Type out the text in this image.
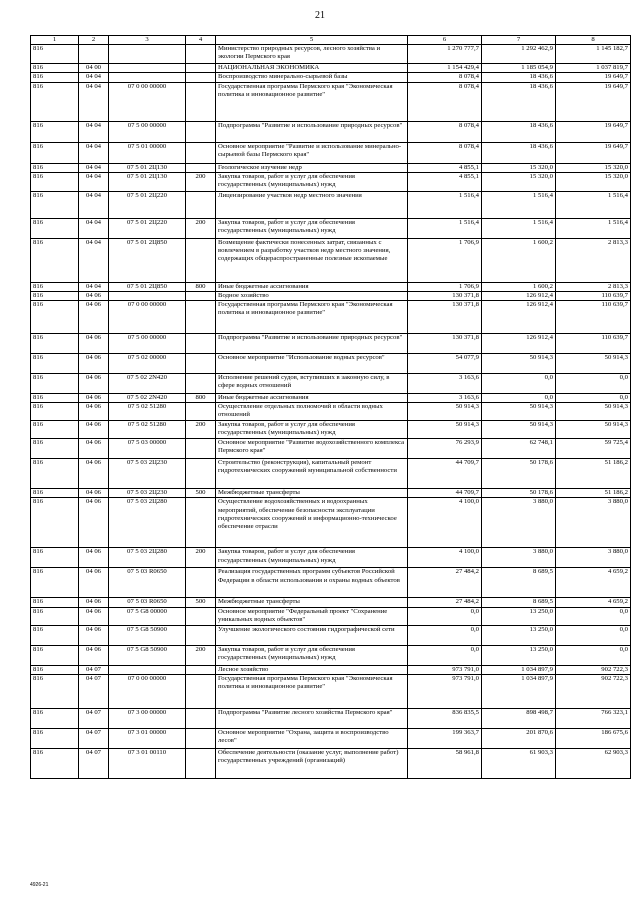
21
1	2	3	4	5	6	7	8
816				Министерство природных ресурсов, лесного хозяйства и экологии Пермского края	1 270 777,7	1 292 462,9	1 145 182,7
816	04 00			НАЦИОНАЛЬНАЯ ЭКОНОМИКА	1 154 429,4	1 185 054,9	1 037 819,7
816	04 04			Воспроизводство минерально-сырьевой базы	8 078,4	18 436,6	19 649,7
816	04 04	07 0 00 00000		Государственная программа Пермского края "Экономическая политика и инновационное развитие"	8 078,4	18 436,6	19 649,7
816	04 04	07 5 00 00000		Подпрограмма "Развитие и использование природных ресурсов"	8 078,4	18 436,6	19 649,7
816	04 04	07 5 01 00000		Основное мероприятие "Развитие и использование минерально-сырьевой базы Пермского края"	8 078,4	18 436,6	19 649,7
816	04 04	07 5 01 2Ц130		Геологическое изучение недр	4 855,1	15 320,0	15 320,0
816	04 04	07 5 01 2Ц130	200	Закупка товаров, работ и услуг для обеспечения государственных (муниципальных) нужд	4 855,1	15 320,0	15 320,0
816	04 04	07 5 01 2Ц220		Лицензирование участков недр местного значения	1 516,4	1 516,4	1 516,4
816	04 04	07 5 01 2Ц220	200	Закупка товаров, работ и услуг для обеспечения государственных (муниципальных) нужд	1 516,4	1 516,4	1 516,4
816	04 04	07 5 01 2Ц850		Возмещение фактически понесенных затрат, связанных с вовлечением в разработку участков недр местного значения, содержащих общераспространенные полезные ископаемые	1 706,9	1 600,2	2 813,3
816	04 04	07 5 01 2Ц850	800	Иные бюджетные ассигнования	1 706,9	1 600,2	2 813,3
816	04 06			Водное хозяйство	130 371,8	126 912,4	110 639,7
816	04 06	07 0 00 00000		Государственная программа Пермского края "Экономическая политика и инновационное развитие"	130 371,8	126 912,4	110 639,7
816	04 06	07 5 00 00000		Подпрограмма "Развитие и использование природных ресурсов"	130 371,8	126 912,4	110 639,7
816	04 06	07 5 02 00000		Основное мероприятие "Использование водных ресурсов"	54 077,9	50 914,3	50 914,3
816	04 06	07 5 02 2N420		Исполнение решений судов, вступивших в законную силу, в сфере водных отношений	3 163,6	0,0	0,0
816	04 06	07 5 02 2N420	800	Иные бюджетные ассигнования	3 163,6	0,0	0,0
816	04 06	07 5 02 51280		Осуществление отдельных полномочий в области водных отношений	50 914,3	50 914,3	50 914,3
816	04 06	07 5 02 51280	200	Закупка товаров, работ и услуг для обеспечения государственных (муниципальных) нужд	50 914,3	50 914,3	50 914,3
816	04 06	07 5 03 00000		Основное мероприятие "Развитие водохозяйственного комплекса Пермского края"	76 293,9	62 748,1	59 725,4
816	04 06	07 5 03 2Ц230		Строительство (реконструкция), капитальный ремонт гидротехнических сооружений муниципальной собственности	44 709,7	50 178,6	51 186,2
816	04 06	07 5 03 2Ц230	500	Межбюджетные трансферты	44 709,7	50 178,6	51 186,2
816	04 06	07 5 03 2Ц280		Осуществление водохозяйственных и водоохранных мероприятий, обеспечение безопасности эксплуатации гидротехнических сооружений и информационно-техническое обеспечение отрасли	4 100,0	3 880,0	3 880,0
816	04 06	07 5 03 2Ц280	200	Закупка товаров, работ и услуг для обеспечения государственных (муниципальных) нужд	4 100,0	3 880,0	3 880,0
816	04 06	07 5 03 R0650		Реализация государственных программ субъектов Российской Федерации в области использования и охраны водных объектов	27 484,2	8 689,5	4 659,2
816	04 06	07 5 03 R0650	500	Межбюджетные трансферты	27 484,2	8 689,5	4 659,2
816	04 06	07 5 G8 00000		Основное мероприятие "Федеральный проект "Сохранение уникальных водных объектов"	0,0	13 250,0	0,0
816	04 06	07 5 G8 50900		Улучшение экологического состояния гидрографической сети	0,0	13 250,0	0,0
816	04 06	07 5 G8 50900	200	Закупка товаров, работ и услуг для обеспечения государственных (муниципальных) нужд	0,0	13 250,0	0,0
816	04 07			Лесное хозяйство	973 791,0	1 034 897,9	902 722,3
816	04 07	07 0 00 00000		Государственная программа Пермского края "Экономическая политика и инновационное развитие"	973 791,0	1 034 897,9	902 722,3
816	04 07	07 3 00 00000		Подпрограмма "Развитие лесного хозяйства Пермского края"	836 835,5	898 498,7	766 323,1
816	04 07	07 3 01 00000		Основное мероприятие "Охрана, защита и воспроизводство лесов"	199 363,7	201 870,6	186 675,6
816	04 07	07 3 01 00110		Обеспечение деятельности (оказание услуг, выполнение работ) государственных учреждений (организаций)	58 961,8	61 903,3	62 903,3
4926-21
